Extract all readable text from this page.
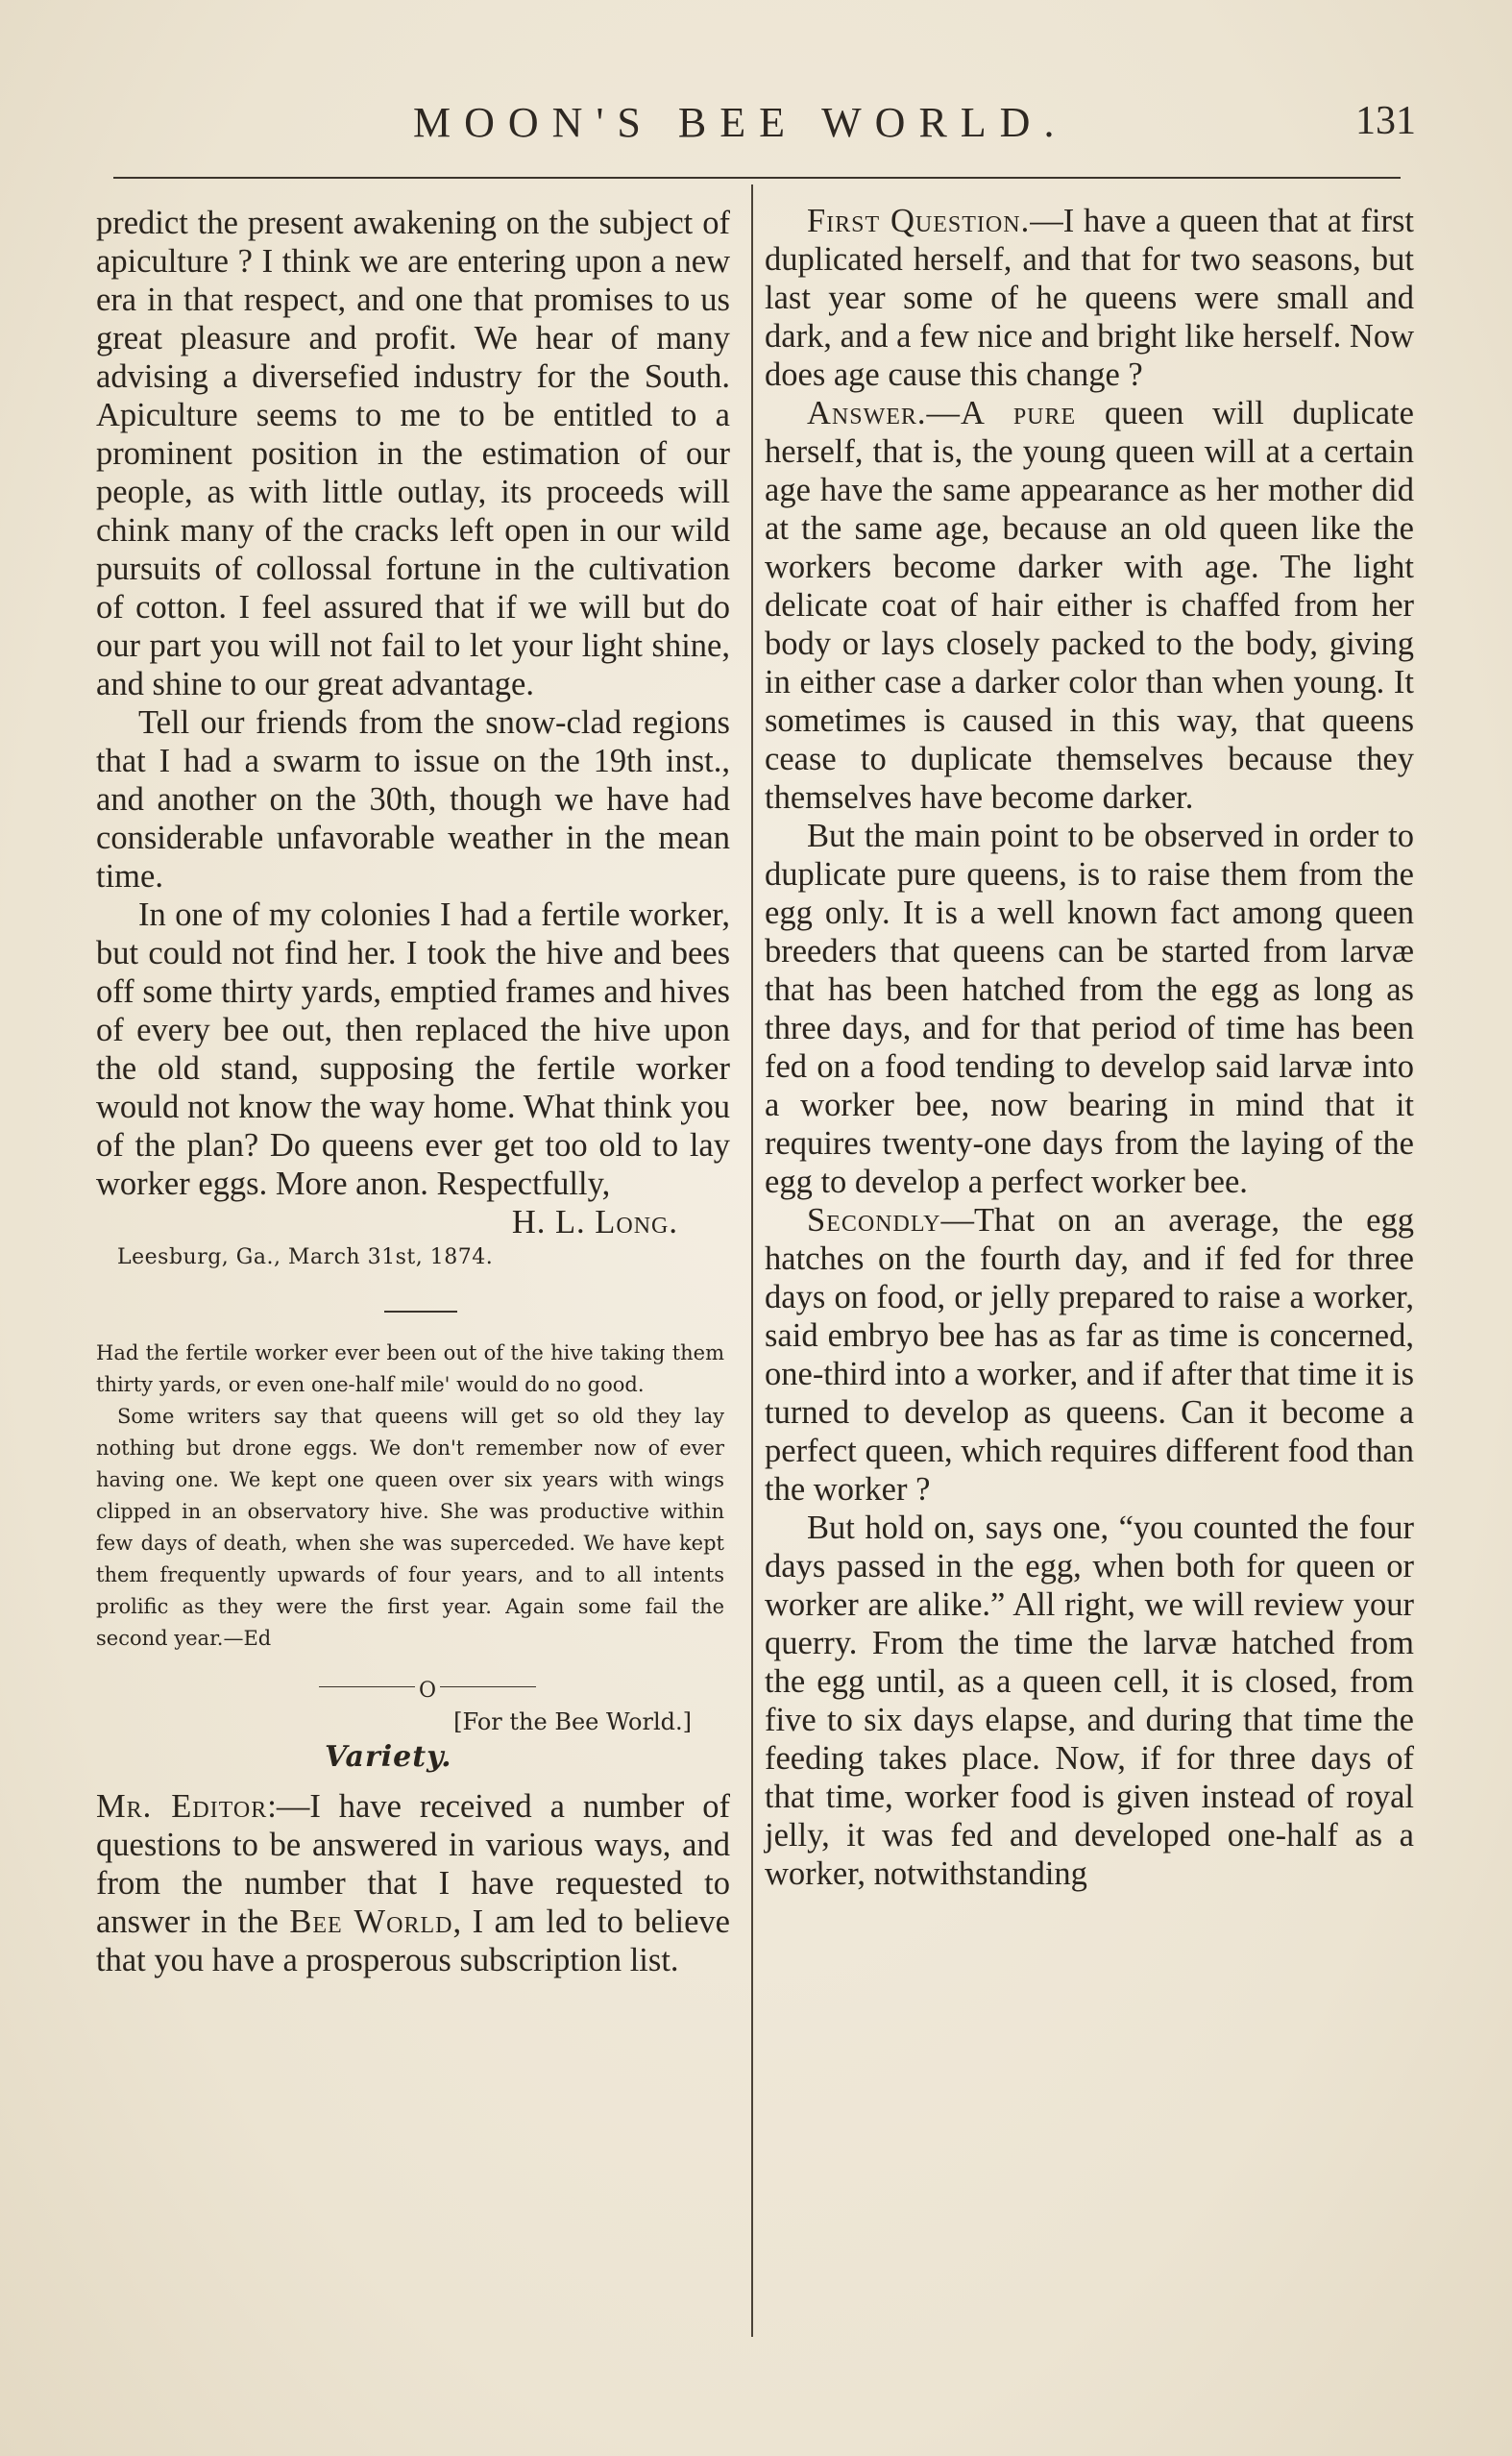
MOON'S BEE WORLD.	131

predict the present awakening on the subject of apiculture ? I think we are entering upon a new era in that respect, and one that promises to us great pleasure and profit. We hear of many advising a diversefied industry for the South. Apiculture seems to me to be entitled to a prominent position in the estimation of our people, as with little outlay, its proceeds will chink many of the cracks left open in our wild pursuits of collossal fortune in the cultivation of cotton. I feel assured that if we will but do our part you will not fail to let your light shine, and shine to our great advantage.

Tell our friends from the snow-clad regions that I had a swarm to issue on the 19th inst., and another on the 30th, though we have had considerable unfavorable weather in the mean time.

In one of my colonies I had a fertile worker, but could not find her. I took the hive and bees off some thirty yards, emptied frames and hives of every bee out, then replaced the hive upon the old stand, supposing the fertile worker would not know the way home. What think you of the plan? Do queens ever get too old to lay worker eggs. More anon. Respectfully,

H. L. Long.

Leesburg, Ga., March 31st, 1874.

Had the fertile worker ever been out of the hive taking them thirty yards, or even one-half mile' would do no good.

Some writers say that queens will get so old they lay nothing but drone eggs. We don't remember now of ever having one. We kept one queen over six years with wings clipped in an observatory hive. She was productive within few days of death, when she was superceded. We have kept them frequently upwards of four years, and to all intents prolific as they were the first year. Again some fail the second year.—Ed

O
[For the Bee World.]
Variety.

Mr. Editor:—I have received a number of questions to be answered in various ways, and from the number that I have requested to answer in the Bee World, I am led to believe that you have a prosperous subscription list.

First Question.—I have a queen that at first duplicated herself, and that for two seasons, but last year some of he queens were small and dark, and a few nice and bright like herself. Now does age cause this change ?

Answer.—A pure queen will duplicate herself, that is, the young queen will at a certain age have the same appearance as her mother did at the same age, because an old queen like the workers become darker with age. The light delicate coat of hair either is chaffed from her body or lays closely packed to the body, giving in either case a darker color than when young. It sometimes is caused in this way, that queens cease to duplicate themselves because they themselves have become darker.

But the main point to be observed in order to duplicate pure queens, is to raise them from the egg only. It is a well known fact among queen breeders that queens can be started from larvæ that has been hatched from the egg as long as three days, and for that period of time has been fed on a food tending to develop said larvæ into a worker bee, now bearing in mind that it requires twenty-one days from the laying of the egg to develop a perfect worker bee.

Secondly—That on an average, the egg hatches on the fourth day, and if fed for three days on food, or jelly prepared to raise a worker, said embryo bee has as far as time is concerned, one-third into a worker, and if after that time it is turned to develop as queens. Can it become a perfect queen, which requires different food than the worker ?

But hold on, says one, “you counted the four days passed in the egg, when both for queen or worker are alike.” All right, we will review your querry. From the time the larvæ hatched from the egg until, as a queen cell, it is closed, from five to six days elapse, and during that time the feeding takes place. Now, if for three days of that time, worker food is given instead of royal jelly, it was fed and developed one-half as a worker, notwithstanding
